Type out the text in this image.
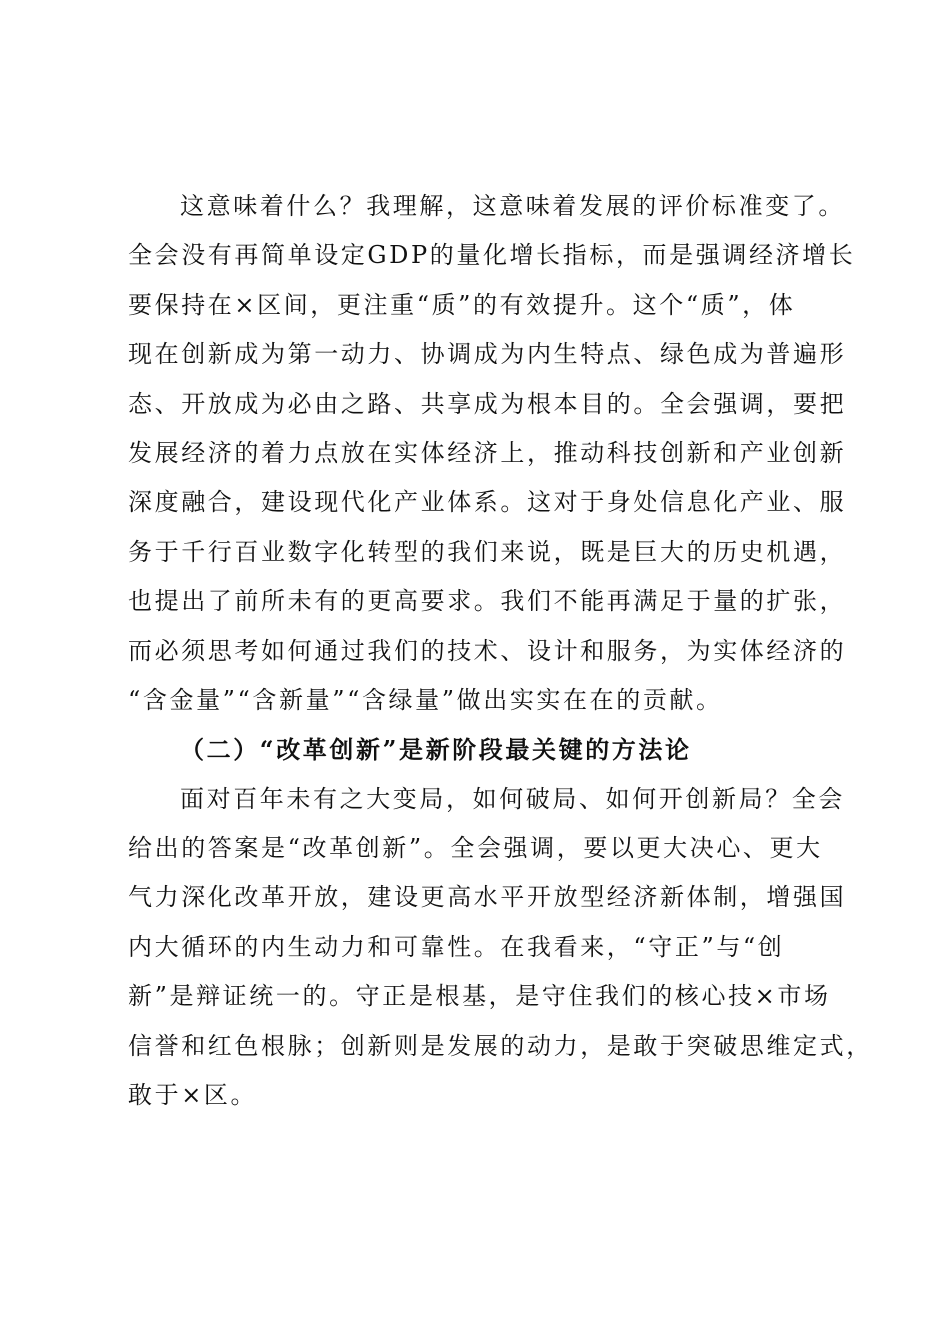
这意味着什么？我理解，这意味着发展的评价标准变了。
全会没有再简单设定GDP的量化增长指标，而是强调经济增长
要保持在×区间，更注重“质”的有效提升。这个“质”，体
现在创新成为第一动力、协调成为内生特点、绿色成为普遍形
态、开放成为必由之路、共享成为根本目的。全会强调，要把
发展经济的着力点放在实体经济上，推动科技创新和产业创新
深度融合，建设现代化产业体系。这对于身处信息化产业、服
务于千行百业数字化转型的我们来说，既是巨大的历史机遇，
也提出了前所未有的更高要求。我们不能再满足于量的扩张，
而必须思考如何通过我们的技术、设计和服务，为实体经济的
“含金量”“含新量”“含绿量”做出实实在在的贡献。
（二）“改革创新”是新阶段最关键的方法论
面对百年未有之大变局，如何破局、如何开创新局？全会
给出的答案是“改革创新”。全会强调，要以更大决心、更大
气力深化改革开放，建设更高水平开放型经济新体制，增强国
内大循环的内生动力和可靠性。在我看来，“守正”与“创
新”是辩证统一的。守正是根基，是守住我们的核心技×市场
信誉和红色根脉；创新则是发展的动力，是敢于突破思维定式，
敢于×区。
